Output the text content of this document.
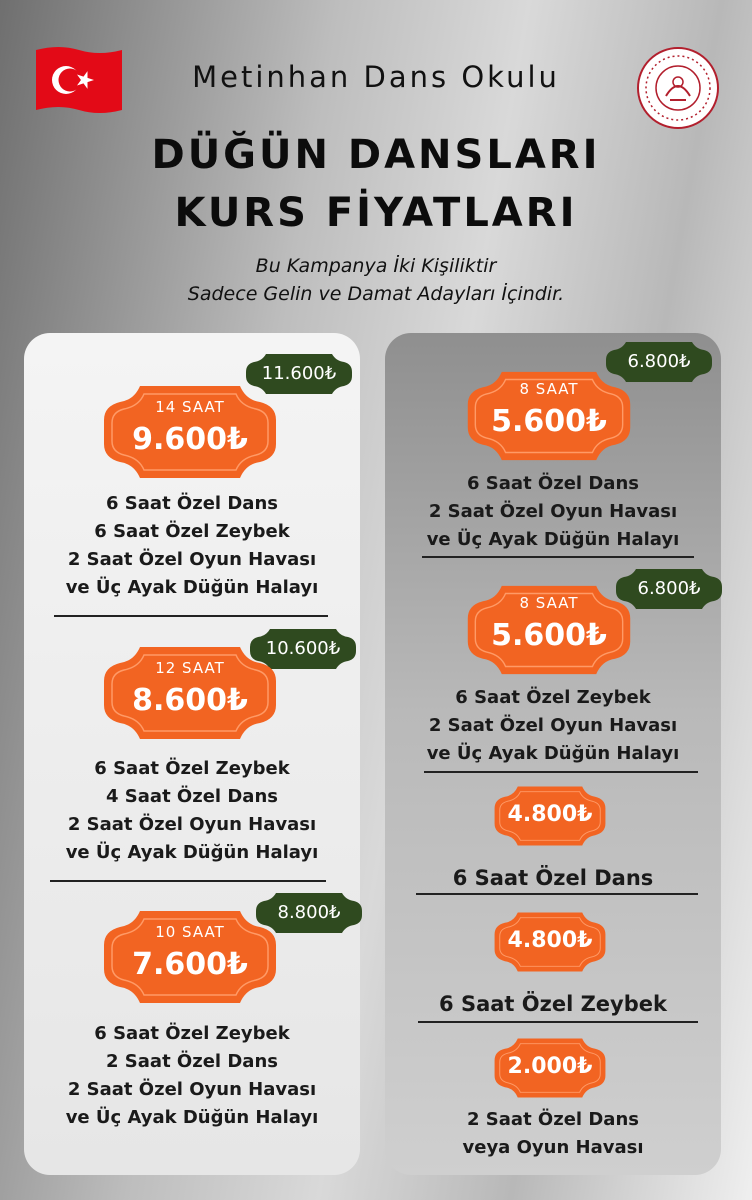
Metinhan Dans Okulu
DÜĞÜN DANSLARI
KURS FİYATLARI
Bu Kampanya İki Kişiliktir
Sadece Gelin ve Damat Adayları İçindir.
11.600₺
14 SAAT
9.600₺
6 Saat Özel Dans
6 Saat Özel Zeybek
2 Saat Özel Oyun Havası
ve Üç Ayak Düğün Halayı
10.600₺
12 SAAT
8.600₺
6 Saat Özel Zeybek
4 Saat Özel Dans
2 Saat Özel Oyun Havası
ve Üç Ayak Düğün Halayı
8.800₺
10 SAAT
7.600₺
6 Saat Özel Zeybek
2 Saat Özel Dans
2 Saat Özel Oyun Havası
ve Üç Ayak Düğün Halayı
6.800₺
8 SAAT
5.600₺
6 Saat Özel Dans
2 Saat Özel Oyun Havası
ve Üç Ayak Düğün Halayı
6.800₺
8 SAAT
5.600₺
6 Saat Özel Zeybek
2 Saat Özel Oyun Havası
ve Üç Ayak Düğün Halayı
4.800₺
6 Saat Özel Dans
4.800₺
6 Saat Özel Zeybek
2.000₺
2 Saat Özel Dans
veya Oyun Havası
